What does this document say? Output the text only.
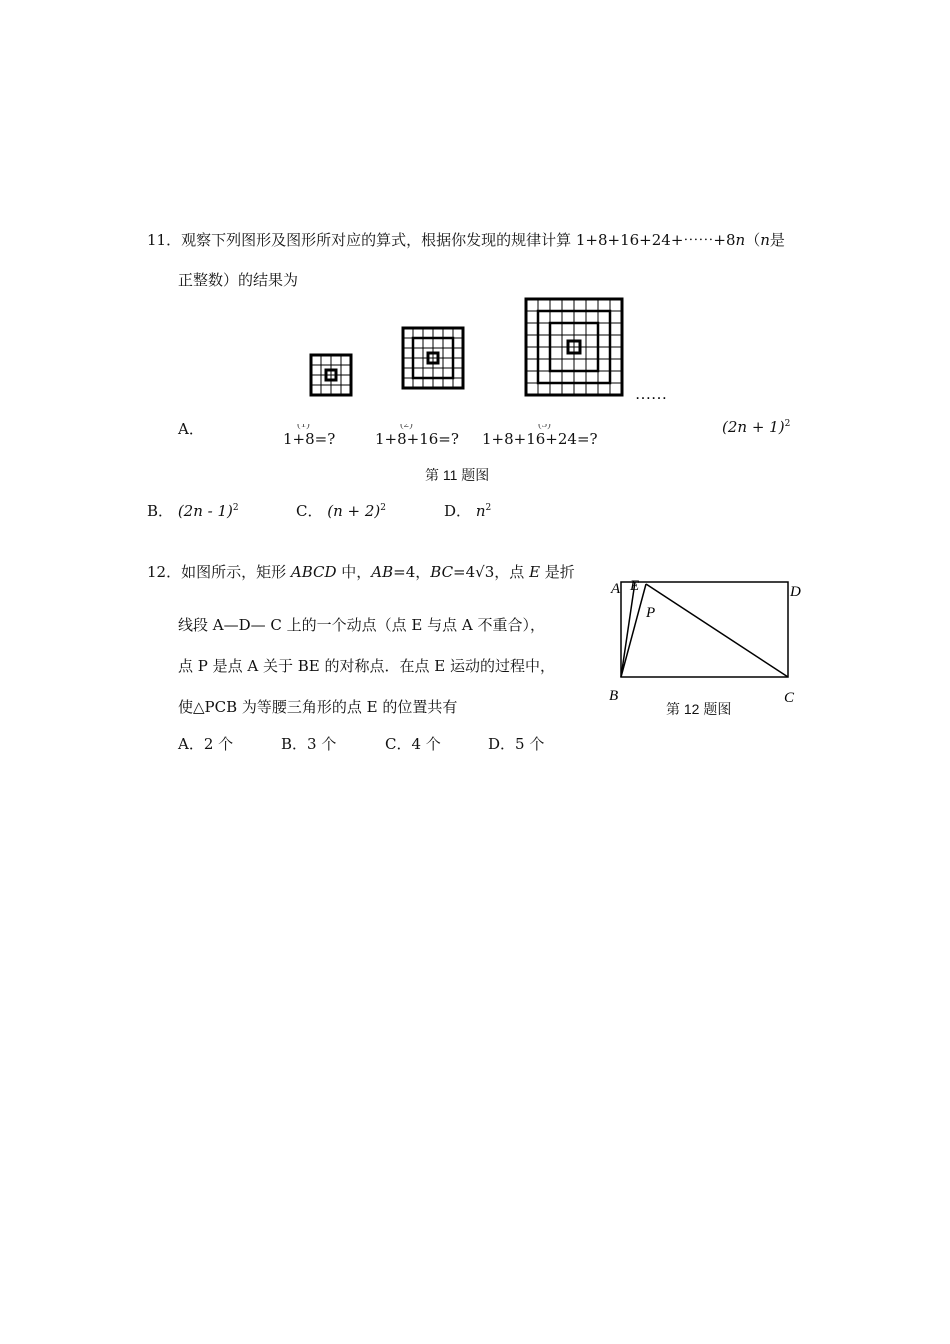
11．观察下列图形及图形所对应的算式，根据你发现的规律计算 1+8+16+24+⋯⋯+8n（n是
正整数）的结果为
……
1+8=?	1+8+16=? 1+8+16+24=?
A．	$(2n + 1)^2$
第 11 题图
B． (2n - 1)$^2$	C． $(n + 2)^2$	D． $n^2$
12．如图所示，矩形 ABCD 中，AB=4，BC=4√3，点 E 是折
线段 A—D— C 上的一个动点（点 E 与点 A 不重合），
点 P 是点 A 关于 BE 的对称点．在点 E 运动的过程中，
使△PCB 为等腰三角形的点 E 的位置共有
A．2 个	B．3 个	C．4 个	D．5 个
A E	D
P
B	C
第 12 题图
